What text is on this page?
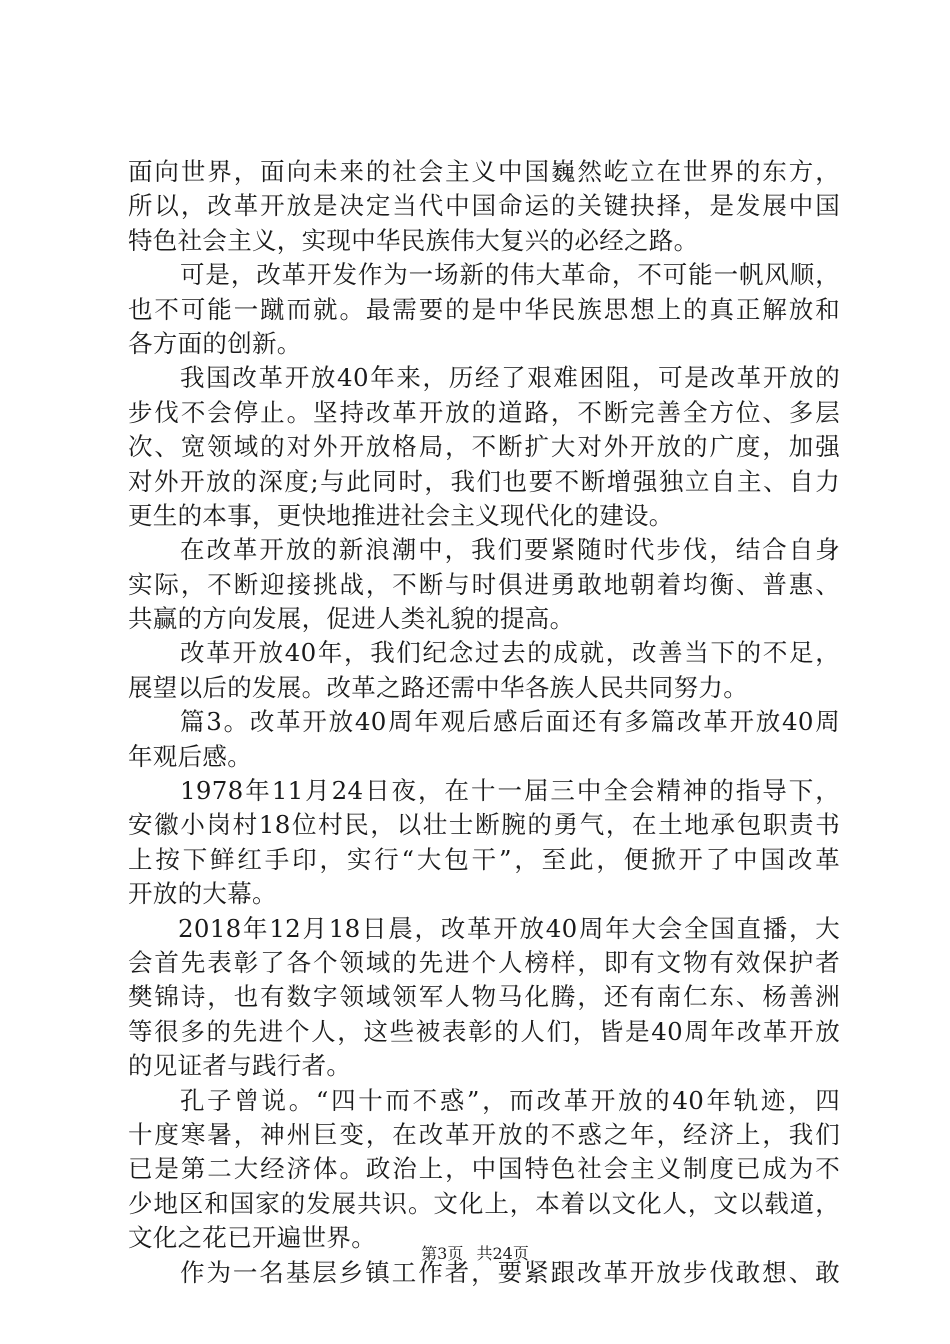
面向世界，面向未来的社会主义中国巍然屹立在世界的东方，
所以，改革开放是决定当代中国命运的关键抉择，是发展中国
特色社会主义，实现中华民族伟大复兴的必经之路。
可是，改革开发作为一场新的伟大革命，不可能一帆风顺，
也不可能一蹴而就。最需要的是中华民族思想上的真正解放和
各方面的创新。
我国改革开放40年来，历经了艰难困阻，可是改革开放的
步伐不会停止。坚持改革开放的道路，不断完善全方位、多层
次、宽领域的对外开放格局，不断扩大对外开放的广度，加强
对外开放的深度;与此同时，我们也要不断增强独立自主、自力
更生的本事，更快地推进社会主义现代化的建设。
在改革开放的新浪潮中，我们要紧随时代步伐，结合自身
实际，不断迎接挑战，不断与时俱进勇敢地朝着均衡、普惠、
共赢的方向发展，促进人类礼貌的提高。
改革开放40年，我们纪念过去的成就，改善当下的不足，
展望以后的发展。改革之路还需中华各族人民共同努力。
篇3。改革开放40周年观后感后面还有多篇改革开放40周
年观后感。
1978年11月24日夜，在十一届三中全会精神的指导下，
安徽小岗村18位村民，以壮士断腕的勇气，在土地承包职责书
上按下鲜红手印，实行“大包干”，至此，便掀开了中国改革
开放的大幕。
2018年12月18日晨，改革开放40周年大会全国直播，大
会首先表彰了各个领域的先进个人榜样，即有文物有效保护者
樊锦诗，也有数字领域领军人物马化腾，还有南仁东、杨善洲
等很多的先进个人，这些被表彰的人们，皆是40周年改革开放
的见证者与践行者。
孔子曾说。“四十而不惑”，而改革开放的40年轨迹，四
十度寒暑，神州巨变，在改革开放的不惑之年，经济上，我们
已是第二大经济体。政治上，中国特色社会主义制度已成为不
少地区和国家的发展共识。文化上，本着以文化人，文以载道，
文化之花已开遍世界。
作为一名基层乡镇工作者，要紧跟改革开放步伐敢想、敢
第3页 共24页
